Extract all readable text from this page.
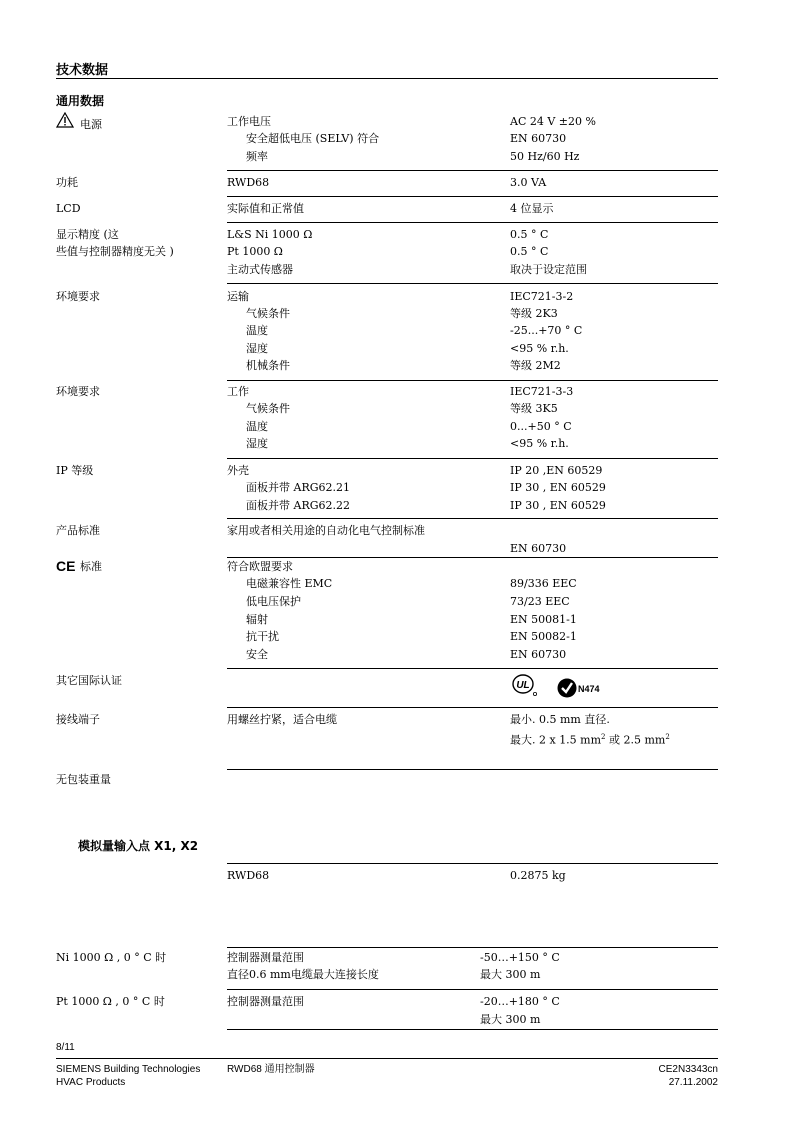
技术数据
通用数据
电源	工作电压	AC 24 V ±20 %
安全超低电压 (SELV) 符合	EN 60730
频率	50 Hz/60 Hz
功耗	RWD68	3.0 VA
LCD	实际值和正常值	4 位显示
显示精度 (这
些值与控制器精度无关 )
L&S Ni 1000 Ω	0.5 ° C
Pt 1000 Ω	0.5 ° C
主动式传感器	取决于设定范围
环境要求	运输	IEC721-3-2
气候条件	等级 2K3
温度	-25...+70 ° C
湿度	<95 % r.h.
机械条件	等级 2M2
环境要求	工作	IEC721-3-3
气候条件	等级 3K5
温度	0...+50 ° C
湿度	<95 % r.h.
IP 等级	外壳	IP 20 ,EN 60529
面板并带 ARG62.21	IP 30 , EN 60529
面板并带 ARG62.22	IP 30 , EN 60529
产品标准	家用或者相关用途的自动化电气控制标准
EN 60730
CE 标准	符合欧盟要求
电磁兼容性 EMC	89/336 EEC
低电压保护	73/23 EEC
辐射	EN 50081-1
抗干扰	EN 50082-1
安全	EN 60730
其它国际认证	UL	N474
接线端子	用螺丝拧紧，适合电缆	最小. 0.5 mm 直径.
最大. 2 x 1.5 $mm^2$ 或 2.5 $mm^2$
无包装重量
模拟量输入点 X1, X2
RWD68	0.2875 kg
Ni 1000 Ω , 0 ° C 时	控制器测量范围	-50…+150 ° C
直径0.6 mm电缆最大连接长度	最大 300 m
Pt 1000 Ω , 0 ° C 时	控制器测量范围	-20…+180 ° C
最大 300 m
8/11
SIEMENS Building Technologies
HVAC Products
RWD68 通用控制器	CE2N3343cn
27.11.2002
